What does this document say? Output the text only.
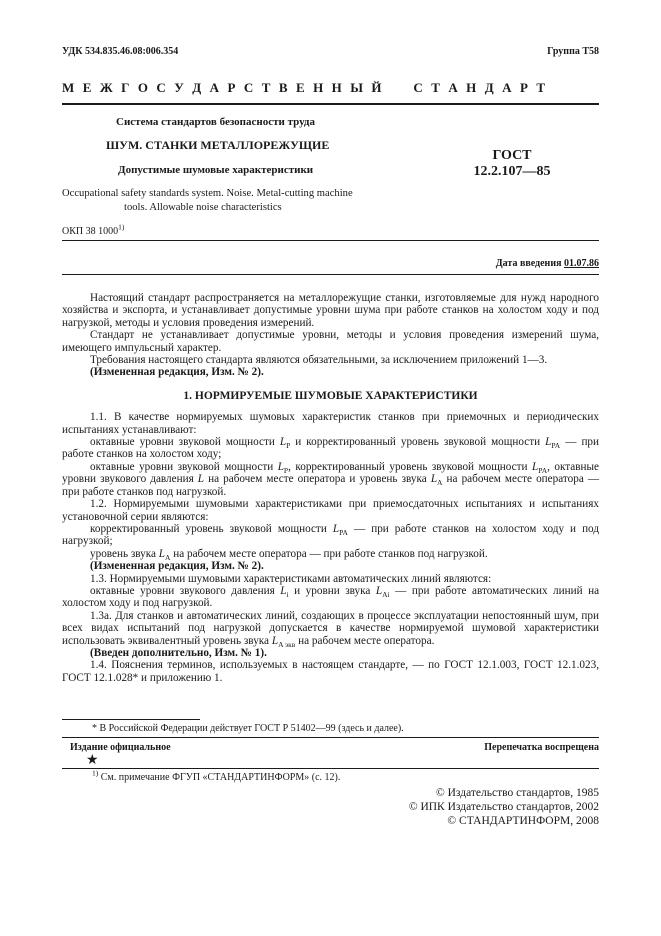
УДК 534.835.46.08:006.354	Группа Т58
М Е Ж Г О С У Д А Р С Т В Е Н Н Ы Й     С Т А Н Д А Р Т
Система стандартов безопасности труда
ШУМ. СТАНКИ МЕТАЛЛОРЕЖУЩИЕ
Допустимые шумовые характеристики
Occupational safety standards system. Noise. Metal-cutting machine
tools. Allowable noise characteristics
ГОСТ
12.2.107—85
ОКП 38 1000$^{1)}$
Дата введения 01.07.86

Настоящий стандарт распространяется на металлорежущие станки, изготовляемые для нужд народного хозяйства и экспорта, и устанавливает допустимые уровни шума при работе станков на холостом ходу и под нагрузкой, методы и условия проведения измерений.

Стандарт не устанавливает допустимые уровни, методы и условия проведения измерений шума, имеющего импульсный характер.

Требования настоящего стандарта являются обязательными, за исключением приложений 1—3.

(Измененная редакция, Изм. № 2).

1. НОРМИРУЕМЫЕ ШУМОВЫЕ ХАРАКТЕРИСТИКИ

1.1. В качестве нормируемых шумовых характеристик станков при приемочных и периодических испытаниях устанавливают:

октавные уровни звуковой мощности $L_P$ и корректированный уровень звуковой мощности $L_{PA}$ — при работе станков на холостом ходу;

октавные уровни звуковой мощности $L_P$, корректированный уровень звуковой мощности $L_{PA}$, октавные уровни звукового давления L на рабочем месте оператора и уровень звука $L_A$ на рабочем месте оператора — при работе станков под нагрузкой.

1.2. Нормируемыми шумовыми характеристиками при приемосдаточных испытаниях и испытаниях установочной серии являются:

корректированный уровень звуковой мощности $L_{PA}$ — при работе станков на холостом ходу и под нагрузкой;

уровень звука $L_A$ на рабочем месте оператора — при работе станков под нагрузкой.

(Измененная редакция, Изм. № 2).

1.3. Нормируемыми шумовыми характеристиками автоматических линий являются:

октавные уровни звукового давления $L_i$ и уровни звука $L_{Ai}$ — при работе автоматических линий на холостом ходу и под нагрузкой.

1.3а. Для станков и автоматических линий, создающих в процессе эксплуатации непостоянный шум, при всех видах испытаний под нагрузкой допускается в качестве нормируемой шумовой характеристики использовать эквивалентный уровень звука $L_{A экв}$ на рабочем месте оператора.

(Введен дополнительно, Изм. № 1).

1.4. Пояснения терминов, используемых в настоящем стандарте, — по ГОСТ 12.1.003, ГОСТ 12.1.023, ГОСТ 12.1.028* и приложению 1.

* В Российской Федерации действует ГОСТ Р 51402—99 (здесь и далее).
Издание официальное	Перепечатка воспрещена
★
$^{1)}$ См. примечание ФГУП «СТАНДАРТИНФОРМ» (с. 12).
© Издательство стандартов, 1985
© ИПК Издательство стандартов, 2002
© СТАНДАРТИНФОРМ, 2008
